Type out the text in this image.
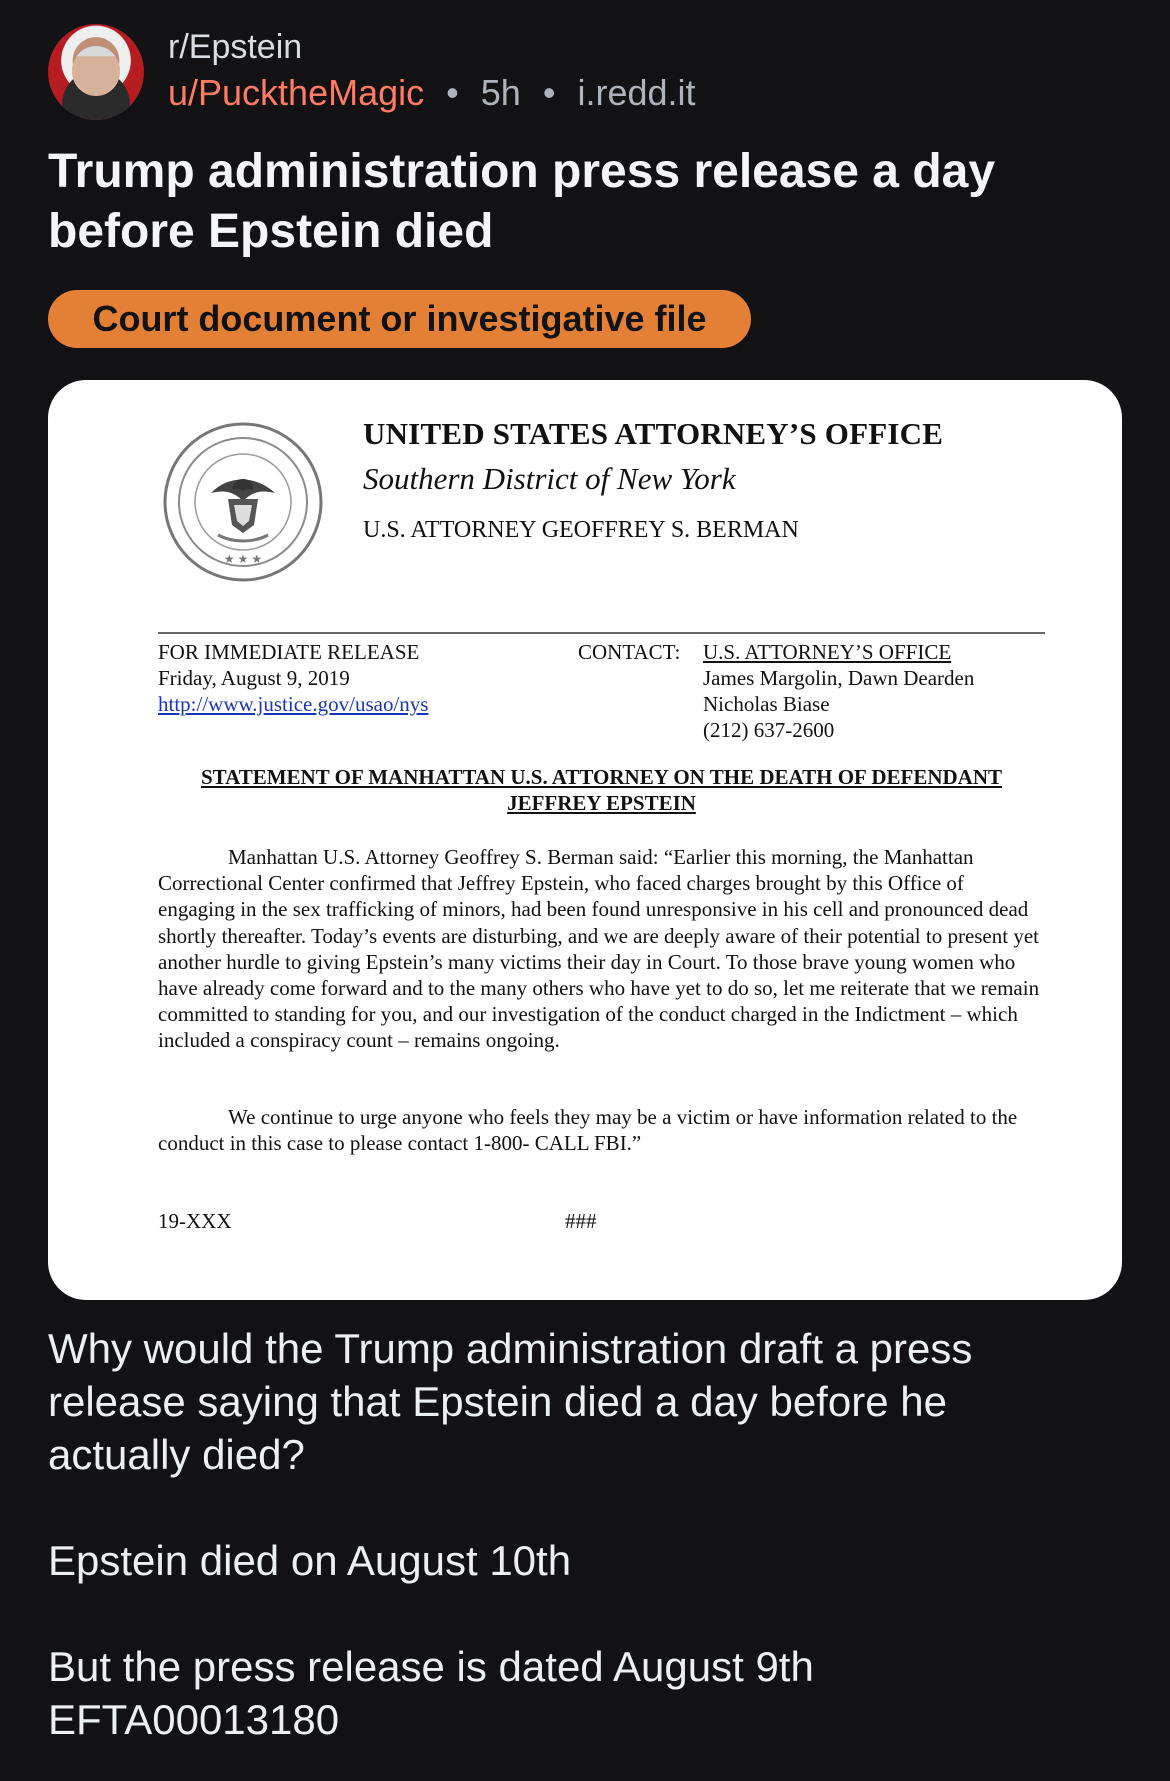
r/Epstein
u/PucktheMagic • 5h • i.redd.it
Trump administration press release a day
before Epstein died
Court document or investigative file
★ ★ ★
UNITED STATES ATTORNEY’S OFFICE
Southern District of New York
U.S. ATTORNEY GEOFFREY S. BERMAN
FOR IMMEDIATE RELEASE
Friday, August 9, 2019
http://www.justice.gov/usao/nys
CONTACT: U.S. ATTORNEY’S OFFICE
James Margolin, Dawn Dearden
Nicholas Biase
(212) 637-2600
STATEMENT OF MANHATTAN U.S. ATTORNEY ON THE DEATH OF DEFENDANT
JEFFREY EPSTEIN
Manhattan U.S. Attorney Geoffrey S. Berman said: “Earlier this morning, the Manhattan Correctional Center confirmed that Jeffrey Epstein, who faced charges brought by this Office of engaging in the sex trafficking of minors, had been found unresponsive in his cell and pronounced dead shortly thereafter. Today’s events are disturbing, and we are deeply aware of their potential to present yet another hurdle to giving Epstein’s many victims their day in Court. To those brave young women who have already come forward and to the many others who have yet to do so, let me reiterate that we remain committed to standing for you, and our investigation of the conduct charged in the Indictment – which included a conspiracy count – remains ongoing.
We continue to urge anyone who feels they may be a victim or have information related to the conduct in this case to please contact 1-800- CALL FBI.”
19-XXX	###

Why would the Trump administration draft a press

release saying that Epstein died a day before he

actually died?

Epstein died on August 10th

But the press release is dated August 9th

EFTA00013180
